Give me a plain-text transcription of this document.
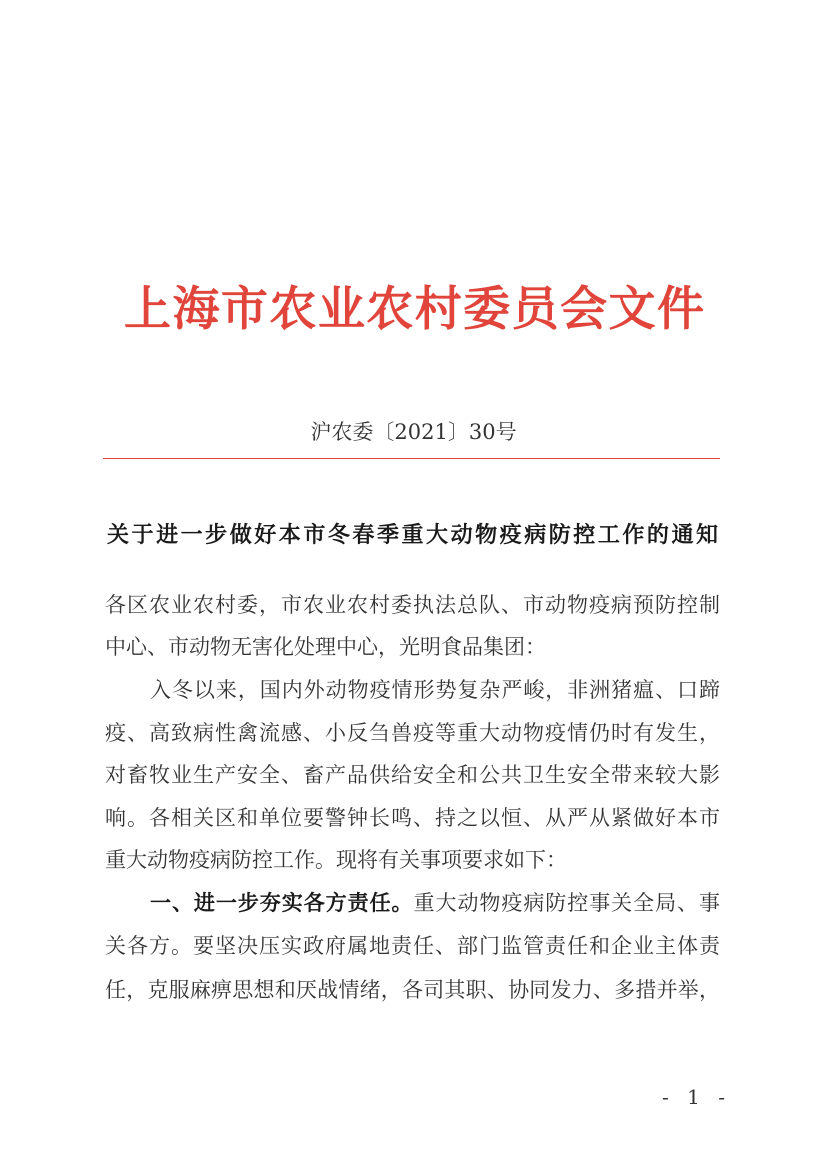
上海市农业农村委员会文件
沪农委〔2021〕30号
关于进一步做好本市冬春季重大动物疫病防控工作的通知
各区农业农村委，市农业农村委执法总队、市动物疫病预防控制
中心、市动物无害化处理中心，光明食品集团：
入冬以来，国内外动物疫情形势复杂严峻，非洲猪瘟、口蹄
疫、高致病性禽流感、小反刍兽疫等重大动物疫情仍时有发生，
对畜牧业生产安全、畜产品供给安全和公共卫生安全带来较大影
响。各相关区和单位要警钟长鸣、持之以恒、从严从紧做好本市
重大动物疫病防控工作。现将有关事项要求如下：
一、进一步夯实各方责任。重大动物疫病防控事关全局、事
关各方。要坚决压实政府属地责任、部门监管责任和企业主体责
任，克服麻痹思想和厌战情绪，各司其职、协同发力、多措并举，
- 1 -
